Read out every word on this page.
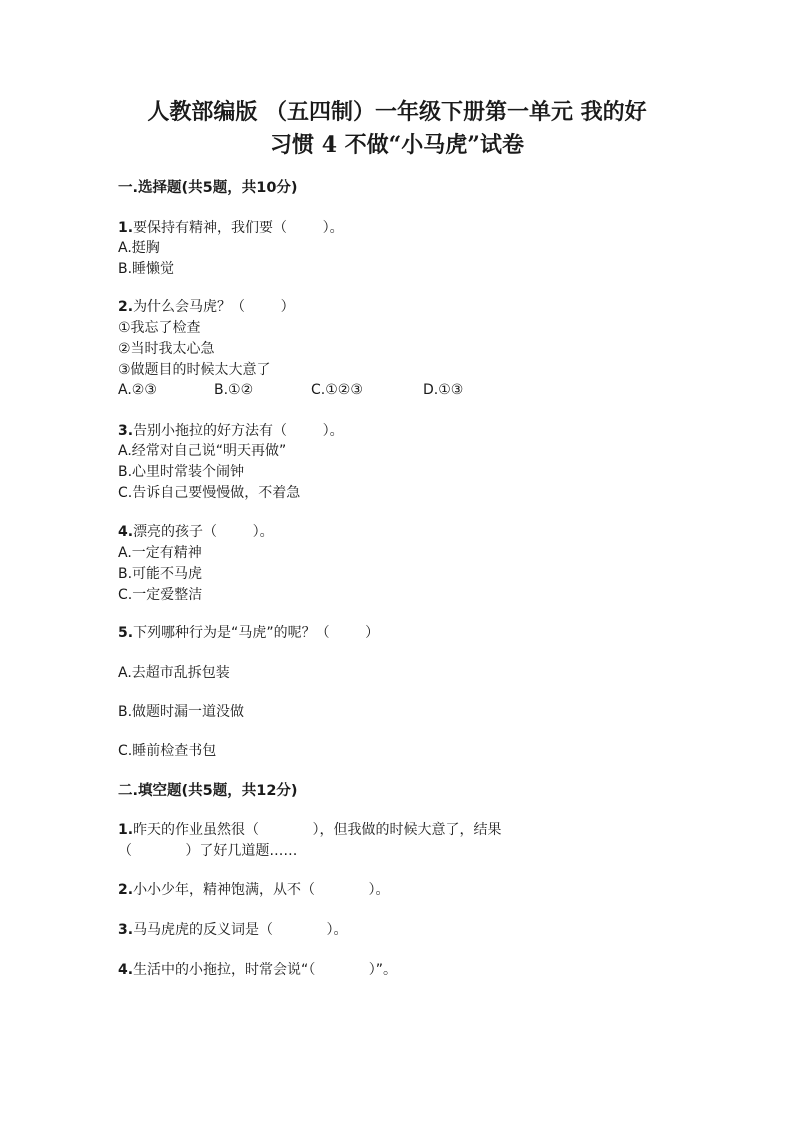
人教部编版 （五四制）一年级下册第一单元 我的好
习惯 4 不做“小马虎”试卷
一.选择题(共5题，共10分)
1.要保持有精神，我们要（        ）。
A.挺胸
B.睡懒觉
2.为什么会马虎？（        ）
①我忘了检查
②当时我太心急
③做题目的时候太大意了
A.②③	B.①②	C.①②③	D.①③
3.告别小拖拉的好方法有（        ）。
A.经常对自己说“明天再做”
B.心里时常装个闹钟
C.告诉自己要慢慢做，不着急
4.漂亮的孩子（        ）。
A.一定有精神
B.可能不马虎
C.一定爱整洁
5.下列哪种行为是“马虎”的呢？（        ）
A.去超市乱拆包装
B.做题时漏一道没做
C.睡前检查书包
二.填空题(共5题，共12分)
1.昨天的作业虽然很（            ），但我做的时候大意了，结果
（            ）了好几道题……
2.小小少年，精神饱满，从不（            ）。
3.马马虎虎的反义词是（            ）。
4.生活中的小拖拉，时常会说“（            ）”。
